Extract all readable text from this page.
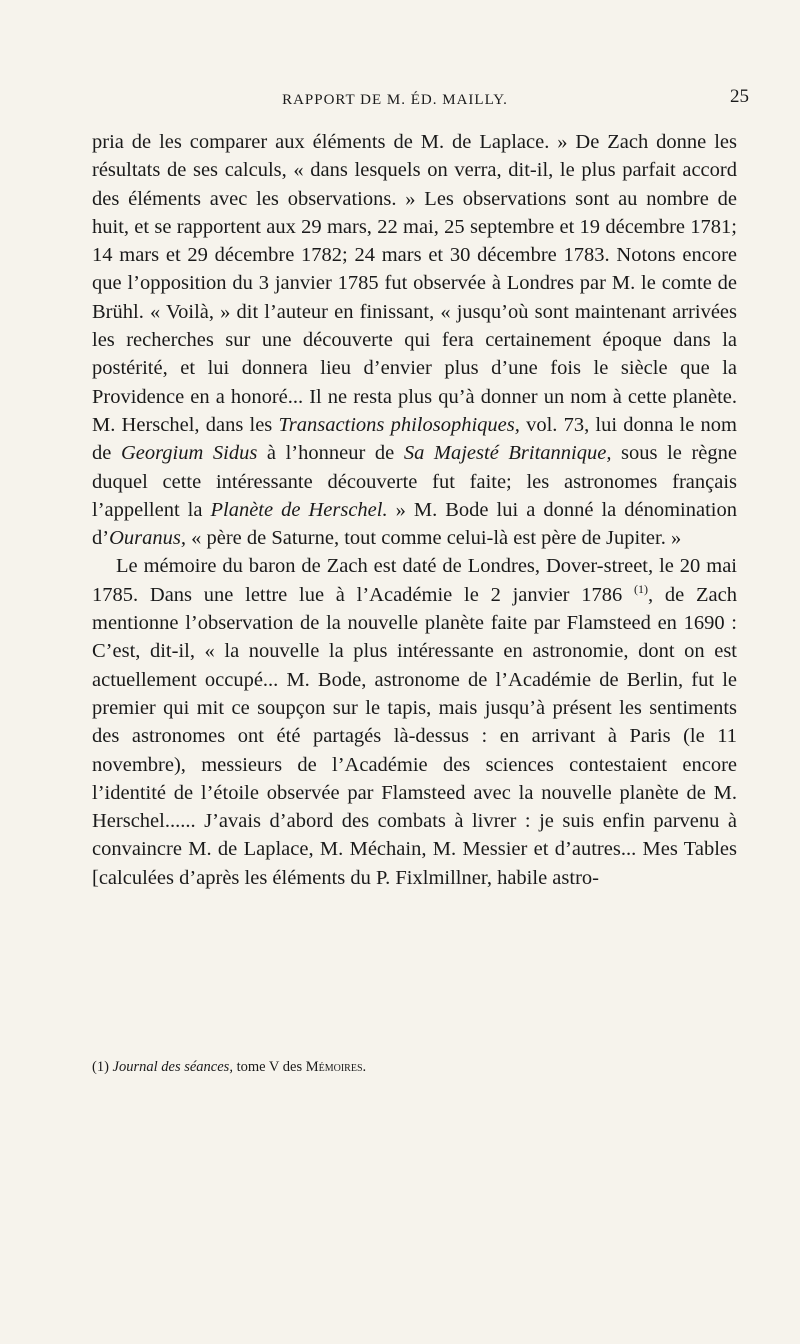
RAPPORT DE M. ÉD. MAILLY.	25

pria de les comparer aux éléments de M. de Laplace. » De Zach donne les résultats de ses calculs, « dans lesquels on verra, dit-il, le plus parfait accord des éléments avec les observations. » Les observations sont au nombre de huit, et se rapportent aux 29 mars, 22 mai, 25 septembre et 19 décembre 1781; 14 mars et 29 décembre 1782; 24 mars et 30 décembre 1783. Notons encore que l’opposition du 3 janvier 1785 fut observée à Londres par M. le comte de Brühl. « Voilà, » dit l’auteur en finissant, « jusqu’où sont maintenant arrivées les recherches sur une découverte qui fera certainement époque dans la postérité, et lui donnera lieu d’envier plus d’une fois le siècle que la Providence en a honoré... Il ne resta plus qu’à donner un nom à cette planète. M. Herschel, dans les Transactions philosophiques, vol. 73, lui donna le nom de Georgium Sidus à l’honneur de Sa Majesté Britannique, sous le règne duquel cette intéressante découverte fut faite; les astronomes français l’appellent la Planète de Herschel. » M. Bode lui a donné la dénomination d’Ouranus, « père de Saturne, tout comme celui-là est père de Jupiter. »

Le mémoire du baron de Zach est daté de Londres, Dover-street, le 20 mai 1785. Dans une lettre lue à l’Académie le 2 janvier 1786 $^{(1)}$, de Zach mentionne l’observation de la nouvelle planète faite par Flamsteed en 1690 : C’est, dit-il, « la nouvelle la plus intéressante en astronomie, dont on est actuellement occupé... M. Bode, astronome de l’Académie de Berlin, fut le premier qui mit ce soupçon sur le tapis, mais jusqu’à présent les sentiments des astronomes ont été partagés là-dessus : en arrivant à Paris (le 11 novembre), messieurs de l’Académie des sciences contestaient encore l’identité de l’étoile observée par Flamsteed avec la nouvelle planète de M. Herschel...... J’avais d’abord des combats à livrer : je suis enfin parvenu à convaincre M. de Laplace, M. Méchain, M. Messier et d’autres... Mes Tables [calculées d’après les éléments du P. Fixlmillner, habile astro-

(1) Journal des séances, tome V des Mémoires.
